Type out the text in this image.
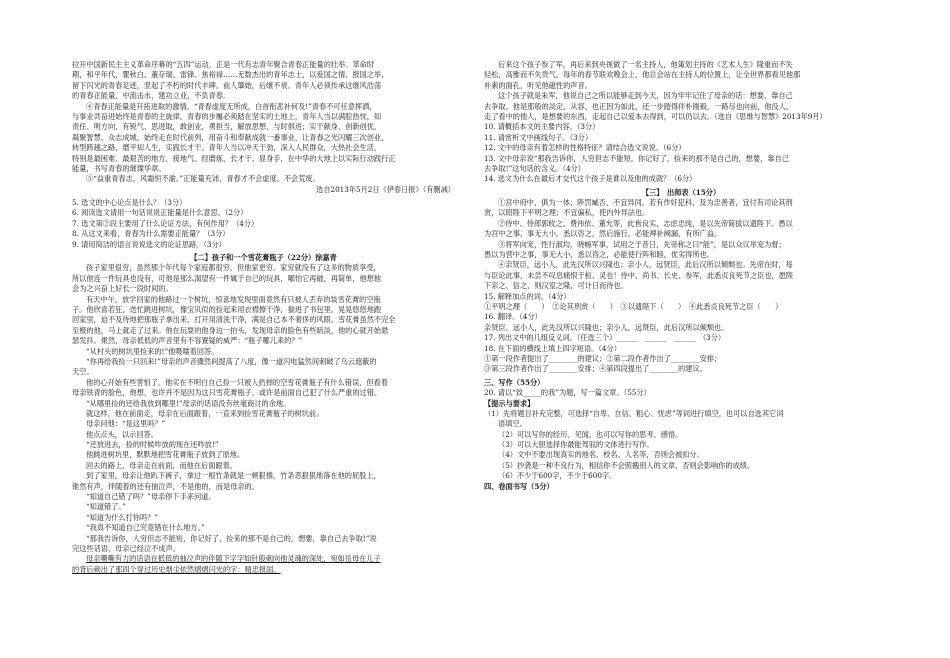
拉开中国新民主主义革命序幕的“五四”运动，正是一代有志青年聚合青春正能量的壮举。革命时

期，和平年代，瞿秋白、董存瑞、雷锋、焦裕禄……无数杰出的青年志士，以爱国之情、报国之举，

留下闪光的青春足迹，竖起了不朽的时代丰碑。前人肇始，后继不衰。青年人必须传承这继风浩荡

的青春正能量，中流击水，建功立业，不负青春。

④青春正能量是开拓进取的激情。“青春虚度无所成，白首衔悲补何及!”青春不可任意挥洒，

与事业共奋进始终是青春的主旋律。青春的步履必须踏在坚实的土地上，青年人当以满腔热忱，知

责任、明方向，有锐气、思进取，敢创业，勇担当，解放思想，与时俱进；实干献身、创新创优，

凝聚智慧、众志成城，始终走在时代前列，用奋斗和奉献成就一番事业，让青春之光闪耀三次创业，

转型跨越之路，磨平知人生，实践长才干。青年人当以冲天干劲，深入人民群众，大热社会生活，

特别是最困难、最艰苦的地方，接地气、经磨炼，长才干、显身手，在中华的大地上以实际行动践行正

能量，书写青春的璀璨华章。

⑤“益重青春志，风霜恒不渝。”正能量充沛，青春才不会虚度、不会荒废。

选自2013年5月2日《伊春日报》（有删减）

5. 选文的中心论点是什么？（3分）

6. 阅读选文请用一句话说说正能量是什么意思。（2分）

7. 选文第②段主要用了什么论证方法，有何作用？（4分）

8. 从这文来看，青春为什么需要正能量？（3分）

9. 请用简洁的语言说说选文的论证思路。（3分）

【二】孩子和一个雪花膏瓶子（22分）徐嘉青

孩子家里很穷，虽然那个年代每个家庭都很穷，但他家更穷。家穷就没有了这多的物质享受，

所以他连一件玩具也没有，可他是那么渴望有一件属于自己的玩具，哪怕它再破，再简单，他想他

会为之兴奋上好长一段时间的。

有天中午，放学回家的他路过一个树坑，惊喜地发现里面竟然有只被人丢弃的装雪花膏的空瓶

子。他欣喜若狂，迭忙跳进树坑，像宝贝似的捡起来用衣襟擦干净，揣进了书包里。晃晃悠悠地跑

回家里，迫不及待地把那瓶子拿出来，打开用清洗干净，满是自己本不奢侈的风眼。雪花膏虽然不完全

至极的他，马上就走了过来。他在玩耍的他身边一拍头，发现母亲的脸色有些暗淡，他的心就开始悬

瑟发抖。果然，母亲低低的声音里有不容置疑的威严：“瓶子哪儿来的？”

“从村头的树坑里捡来的!”他嗫嚅着回答。

“你再给我捡一只回来!”母亲的声音骤然间提高了八度，像一道闪电猛然间刺破了乌云遮蔽的

天空。

他的心开始有些害怕了。他实在不明白自己捡一只被人扔掉的空雪花膏瓶子有什么错误，但看着

母亲铁青的脸色，他想，也许并不是因为这只雪花膏瓶子，或许是前面自己犯了什么严重的过错。

“从哪里捡的还给我放到哪里!”母亲的话语没有丝毫商讨的余地。

就这样，他在前面走，母亲在后面跟着，一直来到捡雪花膏瓶子的树坑前。

母亲问他：“是这里吗？”

他点点头，以示回答。

“还放进去，捡的时候咋放的现在还咋放!”

他跳进树坑里，默默地把雪花膏瓶子放到了原地。

回去的路上，母亲走在前面，而他在后面跟着。

到了家里，母亲让他趴下裤子，拿过一根竹条就是一顿狠揍，竹条恶狠狠地落在他的屁股上，

锥然有声，伴随着的还有抽泣声，不是他的，而是母亲的。

“知道自己错了吗？”母亲停下手来问道。

“知道错了。”

“知道为什么打你吗？”

“我真不知道自己究竟错在什么地方。”

“那我告诉你，人穷但志不能短，你记好了，捡来的那不是自己的，想要，靠自己去争取!”说

完这些话语，母亲已经泣不成声。

母亲嘶嘶有力的话语在低低的抽泣声的伴随下字字如针般刺向他灵魂的深处，宛如岳母在儿子

的背后刺出了那四个穿过历史烟尘依然熠熠闪光的字：精忠报国。

后来这个孩子参了军，再后来到央视做了一名主持人，他策划主持的《艺术人生》隆重而不失

轻松，高雅而不失贵气，每年的春节联欢晚会上，他总会站在主持人的位置上，让全世界都看见他那

朴素的面孔，听见他磁性的声音。

这个孩子就是朱军，他说自己之所以能够走到今天，因为牢牢记住了母亲的话：想要，靠自己

去争取。他是那般的淡定、从容、也正因为如此，还一步踏得伴朴刚毅，一路尽也向前，他没人，

走了看中的他人，是想要的东西，走起自己以爱本去得到，可以仍以去。（选自《思维与智慧》2013年9月）

10. 请概括本文的主要内容。（3分）

11. 请赏析文中画线句子。（3分）

12. 文中的母亲有着怎样的性格特征？请结合选文说说。（6分）

13. 文中母亲说“那我告诉你，人穷但志不能短，你记好了，捡来的那不是自己的，想要，靠自己

去争取!”这句话的含义。（4分）

14. 选文为什么在最后才交代这个孩子是谁以及他的成就？（6分）

【三】　出师表（15分）

①宫中府中，俱为一体；陟罚臧否，不宜异同。若有作奸犯科，及为忠善者，宜付有司论其刑

赏，以昭陛下平明之理；不宜偏私，使内外异法也。

②侍中、侍郎郭攸之、费祎依、董允等，此皆良实，志虑忠纯，是以先帝简拔以遗陛下。愚以

为宫中之事，事无大小，悉以咨之，然后施行，必能裨补阙漏，有所广益。

③将军向宠，性行淑均，晓畅军事，试用之于昔日，先帝称之曰“能”，是以众议举宠为督；

愚以为营中之事，事无大小，悉以咨之，必能使行阵和睦，优劣得所也。

④亲贤臣，远小人，此先汉所以兴隆也；亲小人，远贤臣，此后汉所以倾颓也。先帝在时，每

与臣论此事，未尝不叹息痛恨于桓、灵也！侍中、尚书、长史、参军，此悉贞良死节之臣也，愿陛

下亲之、信之，则汉室之隆，可计日而待也。

15. 解释加点的词。（4分）

①平明之理（　　）　②论其刑赏（　　）　③以遗陛下（　　）　④此悉贞良死节之臣（　　）

16. 翻译。（4分）

亲贤臣，远小人，此先汉所以兴隆也；亲小人，远贤臣，此后汉所以倾颓也。

17. 列出文中的几组反义词。（任选三个）______　______　______　（3分）

18. 在下面的横线上填上四字短语。（4分）

①第一段作者提出了________的建议；②第二段作者作出了________安排；

③第三段作者作出了________安排；④第四段提出了________的建议。

三、写作（55分）

20. 请以“致_____的我”为题，写一篇文章。（55分）

【提示与要求】

（1）先将题目补充完整，可选择“自卑、自信、粗心、忧虑”等词进行填空，也可以自选其它词

语填空。

（2）可以写你的经历、见闻，也可以写你的思考、感悟。

（3）可以大胆选择你最能驾驭的文体进行写作。

（4）文中不要出现真实的地名、校名、人名等，否则会被扣分。

（5）抄袭是一种不良行为，相信你不会照搬别人的文章，否则会影响你的成绩。

（6）不少于600字，不少于600字。

四、卷面书写（5分）
